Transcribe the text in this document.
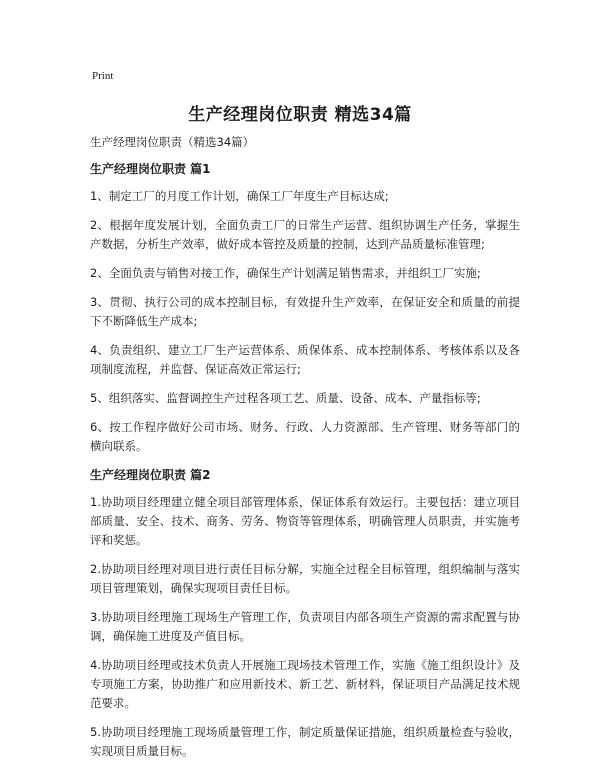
Print
生产经理岗位职责 精选34篇

生产经理岗位职责（精选34篇）

生产经理岗位职责 篇1

1、制定工厂的月度工作计划，确保工厂年度生产目标达成;

2、根据年度发展计划，全面负责工厂的日常生产运营、组织协调生产任务，掌握生产数据，分析生产效率，做好成本管控及质量的控制，达到产品质量标准管理;

2、全面负责与销售对接工作，确保生产计划满足销售需求，并组织工厂实施;

3、贯彻、执行公司的成本控制目标，有效提升生产效率，在保证安全和质量的前提下不断降低生产成本;

4、负责组织、建立工厂生产运营体系、质保体系、成本控制体系、考核体系以及各项制度流程，并监督、保证高效正常运行;

5、组织落实、监督调控生产过程各项工艺、质量、设备、成本、产量指标等;

6、按工作程序做好公司市场、财务、行政、人力资源部、生产管理、财务等部门的横向联系。

生产经理岗位职责 篇2

1.协助项目经理建立健全项目部管理体系，保证体系有效运行。主要包括：建立项目部质量、安全、技术、商务、劳务、物资等管理体系，明确管理人员职责，并实施考评和奖惩。

2.协助项目经理对项目进行责任目标分解，实施全过程全目标管理，组织编制与落实项目管理策划，确保实现项目责任目标。

3.协助项目经理施工现场生产管理工作，负责项目内部各项生产资源的需求配置与协调，确保施工进度及产值目标。

4.协助项目经理或技术负责人开展施工现场技术管理工作，实施《施工组织设计》及专项施工方案，协助推广和应用新技术、新工艺、新材料，保证项目产品满足技术规范要求。

5.协助项目经理施工现场质量管理工作，制定质量保证措施，组织质量检查与验收，实现项目质量目标。
